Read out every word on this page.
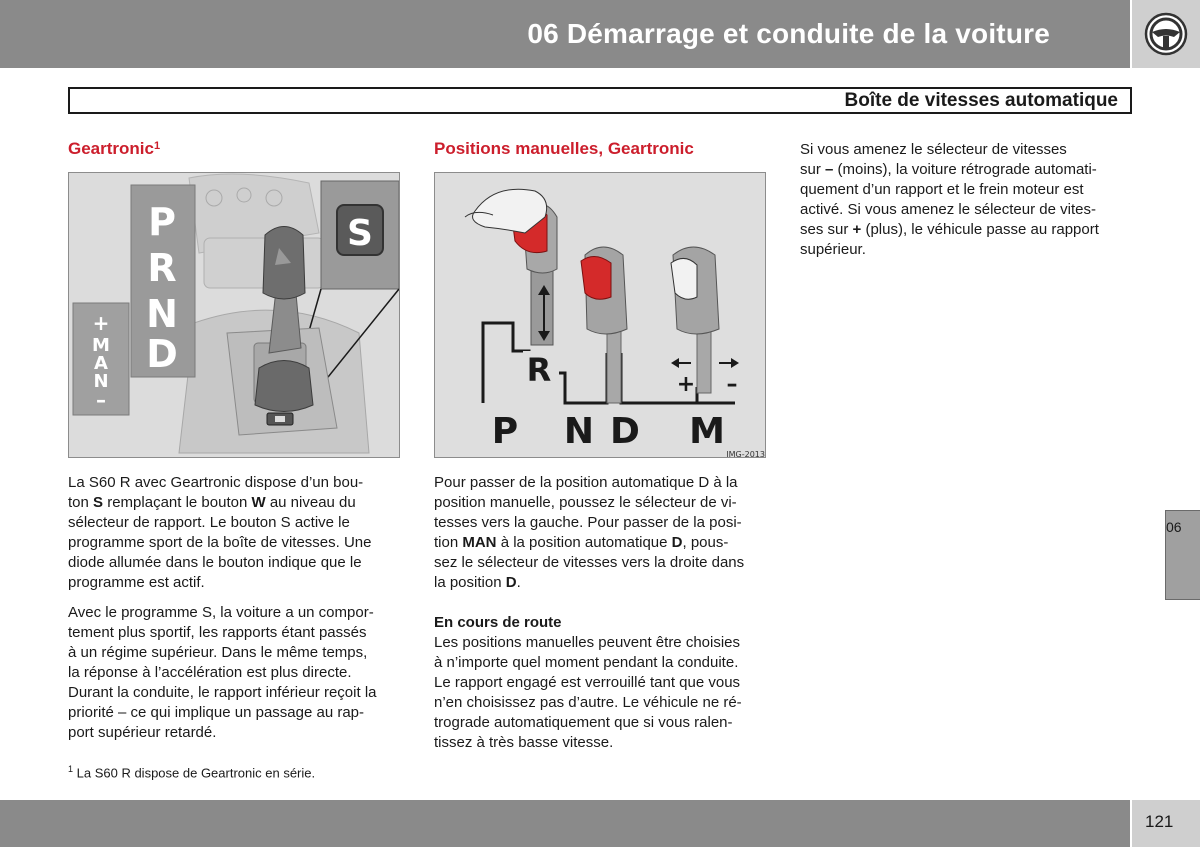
06 Démarrage et conduite de la voiture
Boîte de vitesses automatique
Geartronic$^1$
P
R
N
D
+
M
A
N
–
S

La S60 R avec Geartronic dispose d’un bou-
ton S remplaçant le bouton W au niveau du
sélecteur de rapport. Le bouton S active le
programme sport de la boîte de vitesses. Une
diode allumée dans le bouton indique que le
programme est actif.

Avec le programme S, la voiture a un compor-
tement plus sportif, les rapports étant passés
à un régime supérieur. Dans le même temps,
la réponse à l’accélération est plus directe.
Durant la conduite, le rapport inférieur reçoit la
priorité – ce qui implique un passage au rap-
port supérieur retardé.

$^1$ La S60 R dispose de Geartronic en série.
Positions manuelles, Geartronic
R	+ –
P N D M
IMG-2013

Pour passer de la position automatique D à la
position manuelle, poussez le sélecteur de vi-
tesses vers la gauche. Pour passer de la posi-
tion MAN à la position automatique D, pous-
sez le sélecteur de vitesses vers la droite dans
la position D.

En cours de route

Les positions manuelles peuvent être choisies
à n’importe quel moment pendant la conduite.
Le rapport engagé est verrouillé tant que vous
n’en choisissez pas d’autre. Le véhicule ne ré-
trograde automatiquement que si vous ralen-
tissez à très basse vitesse.

Si vous amenez le sélecteur de vitesses
sur – (moins), la voiture rétrograde automati-
quement d’un rapport et le frein moteur est
activé. Si vous amenez le sélecteur de vites-
ses sur + (plus), le véhicule passe au rapport
supérieur.

06
121
